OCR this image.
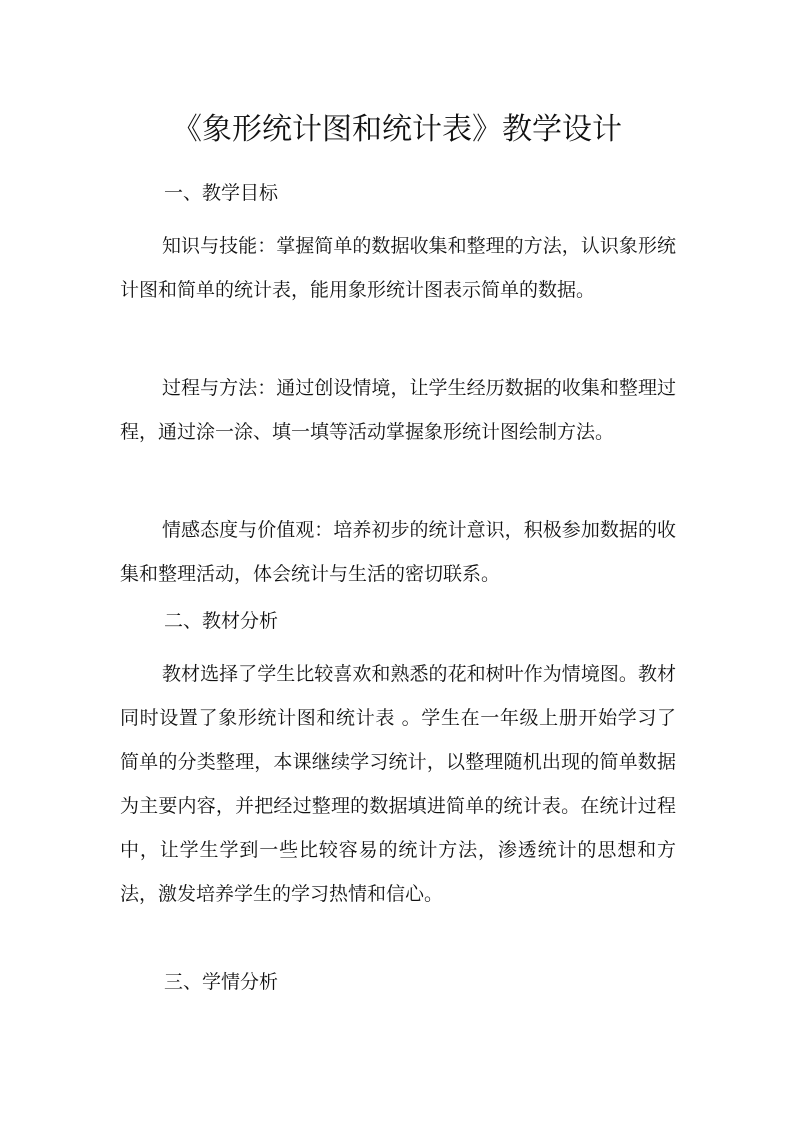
《象形统计图和统计表》教学设计
一、教学目标

知识与技能：掌握简单的数据收集和整理的方法，认识象形统计图和简单的统计表，能用象形统计图表示简单的数据。

过程与方法：通过创设情境，让学生经历数据的收集和整理过程，通过涂一涂、填一填等活动掌握象形统计图绘制方法。

情感态度与价值观：培养初步的统计意识，积极参加数据的收集和整理活动，体会统计与生活的密切联系。

二、教材分析

教材选择了学生比较喜欢和熟悉的花和树叶作为情境图。教材同时设置了象形统计图和统计表 。学生在一年级上册开始学习了简单的分类整理，本课继续学习统计，以整理随机出现的简单数据为主要内容，并把经过整理的数据填进简单的统计表。在统计过程中，让学生学到一些比较容易的统计方法，渗透统计的思想和方法，激发培养学生的学习热情和信心。

三、学情分析
